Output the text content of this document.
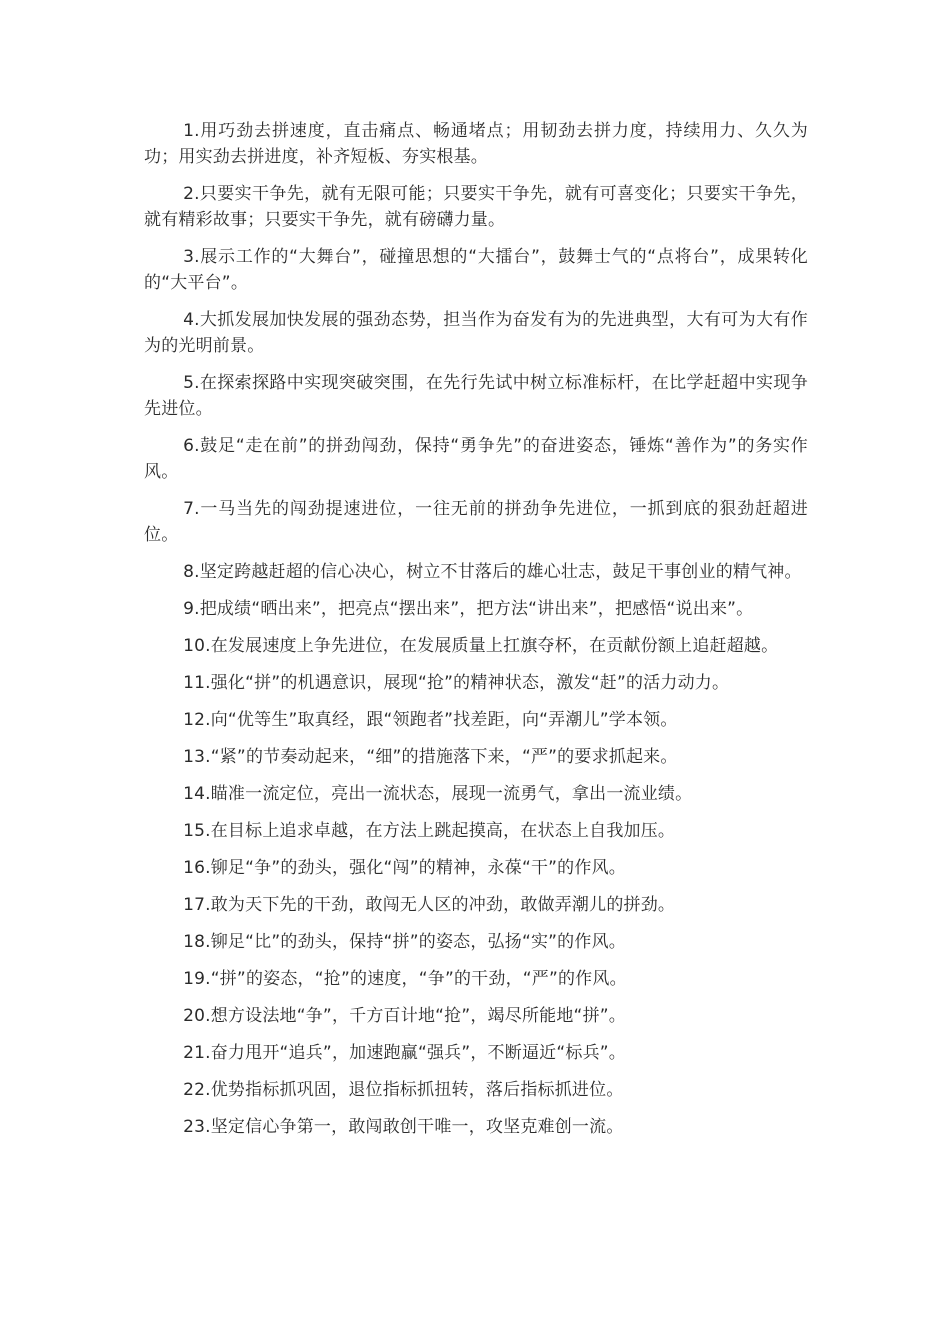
1.用巧劲去拼速度，直击痛点、畅通堵点；用韧劲去拼力度，持续用力、久久为功；用实劲去拼进度，补齐短板、夯实根基。

2.只要实干争先，就有无限可能；只要实干争先，就有可喜变化；只要实干争先，就有精彩故事；只要实干争先，就有磅礴力量。

3.展示工作的“大舞台”，碰撞思想的“大擂台”，鼓舞士气的“点将台”，成果转化的“大平台”。

4.大抓发展加快发展的强劲态势，担当作为奋发有为的先进典型，大有可为大有作为的光明前景。

5.在探索探路中实现突破突围，在先行先试中树立标准标杆，在比学赶超中实现争先进位。

6.鼓足“走在前”的拼劲闯劲，保持“勇争先”的奋进姿态，锤炼“善作为”的务实作风。

7.一马当先的闯劲提速进位，一往无前的拼劲争先进位，一抓到底的狠劲赶超进位。

8.坚定跨越赶超的信心决心，树立不甘落后的雄心壮志，鼓足干事创业的精气神。

9.把成绩“晒出来”，把亮点“摆出来”，把方法“讲出来”，把感悟“说出来”。

10.在发展速度上争先进位，在发展质量上扛旗夺杯，在贡献份额上追赶超越。

11.强化“拼”的机遇意识，展现“抢”的精神状态，激发“赶”的活力动力。

12.向“优等生”取真经，跟“领跑者”找差距，向“弄潮儿”学本领。

13.“紧”的节奏动起来，“细”的措施落下来，“严”的要求抓起来。

14.瞄准一流定位，亮出一流状态，展现一流勇气，拿出一流业绩。

15.在目标上追求卓越，在方法上跳起摸高，在状态上自我加压。

16.铆足“争”的劲头，强化“闯”的精神，永葆“干”的作风。

17.敢为天下先的干劲，敢闯无人区的冲劲，敢做弄潮儿的拼劲。

18.铆足“比”的劲头，保持“拼”的姿态，弘扬“实”的作风。

19.“拼”的姿态，“抢”的速度，“争”的干劲，“严”的作风。

20.想方设法地“争”，千方百计地“抢”，竭尽所能地“拼”。

21.奋力甩开“追兵”，加速跑赢“强兵”，不断逼近“标兵”。

22.优势指标抓巩固，退位指标抓扭转，落后指标抓进位。

23.坚定信心争第一，敢闯敢创干唯一，攻坚克难创一流。
